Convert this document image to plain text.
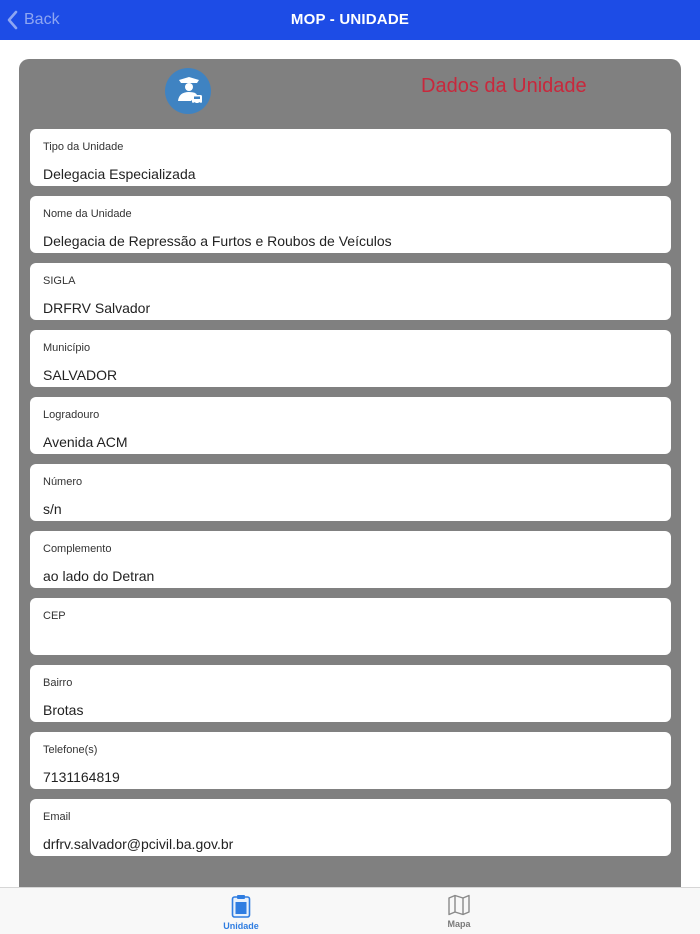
Back	MOP - UNIDADE
Dados da Unidade
Tipo da Unidade
Delegacia Especializada
Nome da Unidade
Delegacia de Repressão a Furtos e Roubos de Veículos
SIGLA
DRFRV Salvador
Município
SALVADOR
Logradouro
Avenida ACM
Número
s/n
Complemento
ao lado do Detran
CEP
Bairro
Brotas
Telefone(s)
7131164819
Email
drfrv.salvador@pcivil.ba.gov.br
Unidade	Mapa
